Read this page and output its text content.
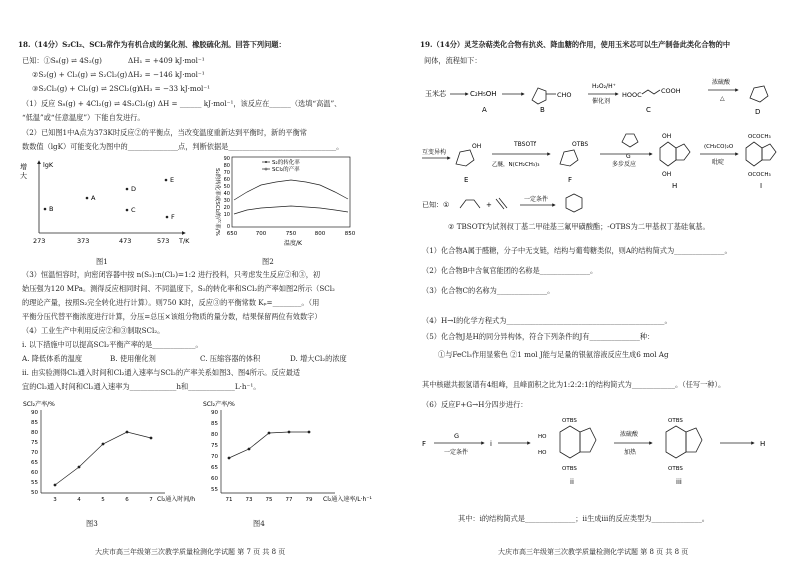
18.（14分）S₂Cl₂、SCl₂常作为有机合成的氯化剂、橡胶硫化剂。回答下列问题：
已知：①S₈(g) ⇌ 4S₂(g)	ΔH₁ = +409 kJ·mol⁻¹
②S₂(g) + Cl₂(g) ⇌ S₂Cl₂(g) ΔH₂ = −146 kJ·mol⁻¹
③S₂Cl₂(g) + Cl₂(g) ⇌ 2SCl₂(g)
ΔH₃ = −33 kJ·mol⁻¹
（1）反应 S₈(g) + 4Cl₂(g) ⇌ 4S₂Cl₂(g) ΔH = ______ kJ·mol⁻¹，该反应在______（选填“高温”、
“低温”或“任意温度”）下能自发进行。
（2）已知图1中A点为373K时反应②的平衡点，当改变温度重新达到平衡时，新的平衡常
数数值（lgK）可能变化为图中的______________点，判断依据是______________________________。
增
大
lgK
T/K
273	373	473	573
A
B	C
D
E
F
图1
S₂的转化率或SCl₂的产率/%
90
80
70
60
50
40
30
20
10
0
650	700	750	800	850
温度/K
S₂的转化率
SCl₂的产率
图2
（3）恒温恒容时，向密闭容器中按 n(S₂):n(Cl₂)=1:2 进行投料，只考虑发生反应②和③，初
始压强为120 MPa。测得反应相同时间、不同温度下，S₂的转化率和SCl₂的产率如图2所示（SCl₂
的理论产量，按照S₂完全转化进行计算）。则750 K时，反应③的平衡常数 Kₚ=________。（用
平衡分压代替平衡浓度进行计算，分压=总压×该组分物质的量分数，结果保留两位有效数字）
（4）工业生产中利用反应②和③制取SCl₂。
ⅰ. 以下措施中可以提高SCl₂平衡产率的是____________。
A. 降低体系的温度	B. 使用催化剂	C. 压缩容器的体积	D. 增大Cl₂的浓度
ⅱ. 由实验测得Cl₂通入时间和Cl₂通入速率与SCl₂的产率关系如图3、图4所示。反应最适
宜的Cl₂通入时间和Cl₂通入速率为_____________h和_____________L·h⁻¹。
SCl₂产率/%
90
85
80
75
70
65
60
55
50
3	4	5	6	7 Cl₂通入时间/h
图3
SCl₂产率/%
90
85
80
75
70
65
60
55
71 73 75 77 79 Cl₂通入速率/L·h⁻¹
图4
大庆市高三年级第三次教学质量检测化学试题 第 7 页 共 8 页
19.（14分）灵芝杂萜类化合物有抗炎、降血糖的作用，使用玉米芯可以生产制备此类化合物的中
间体，流程如下：
玉米芯	C₂H₅OH
A
CHO
B
H₂O₂/H⁺
催化剂
HOOC	COOH
C
浓硫酸
△
D
互变异构
OH
E
TBSOTf
乙醚，N(CH₂CH₃)₃
OTBS
F
G
多步反应
OH
OH
H
(CH₃CO)₂O
吡啶
OCOCH₃
OCOCH₃
I
已知：①	+
一定条件
② TBSOTf为试剂叔丁基二甲硅基三氟甲磺酸酯；-OTBS为二甲基叔丁基硅氧基。
（1）化合物A属于醛糖，分子中无支链，结构与葡萄糖类似，则A的结构简式为______________。
（2）化合物B中含氧官能团的名称是______________。
（3）化合物C的名称为______________。
（4）H→I的化学方程式为____________________________________________。
（5）化合物J是H的同分异构体，符合下列条件的J有______________种：
①与FeCl₃作用显紫色 ②1 mol J能与足量的银氨溶液反应生成6 mol Ag
其中核磁共振氢谱有4组峰，且峰面积之比为1:2:2:1的结构简式为____________。（任写一种）。
（6）反应F+G→H分四步进行：
F
G
一定条件
i
OTBS
OTBS
HO
HO
ii
浓硫酸
加热
OTBS
OTBS
iii
H
其中：i的结构简式是______________；ii生成iii的反应类型为______________。
大庆市高三年级第三次教学质量检测化学试题 第 8 页 共 8 页
